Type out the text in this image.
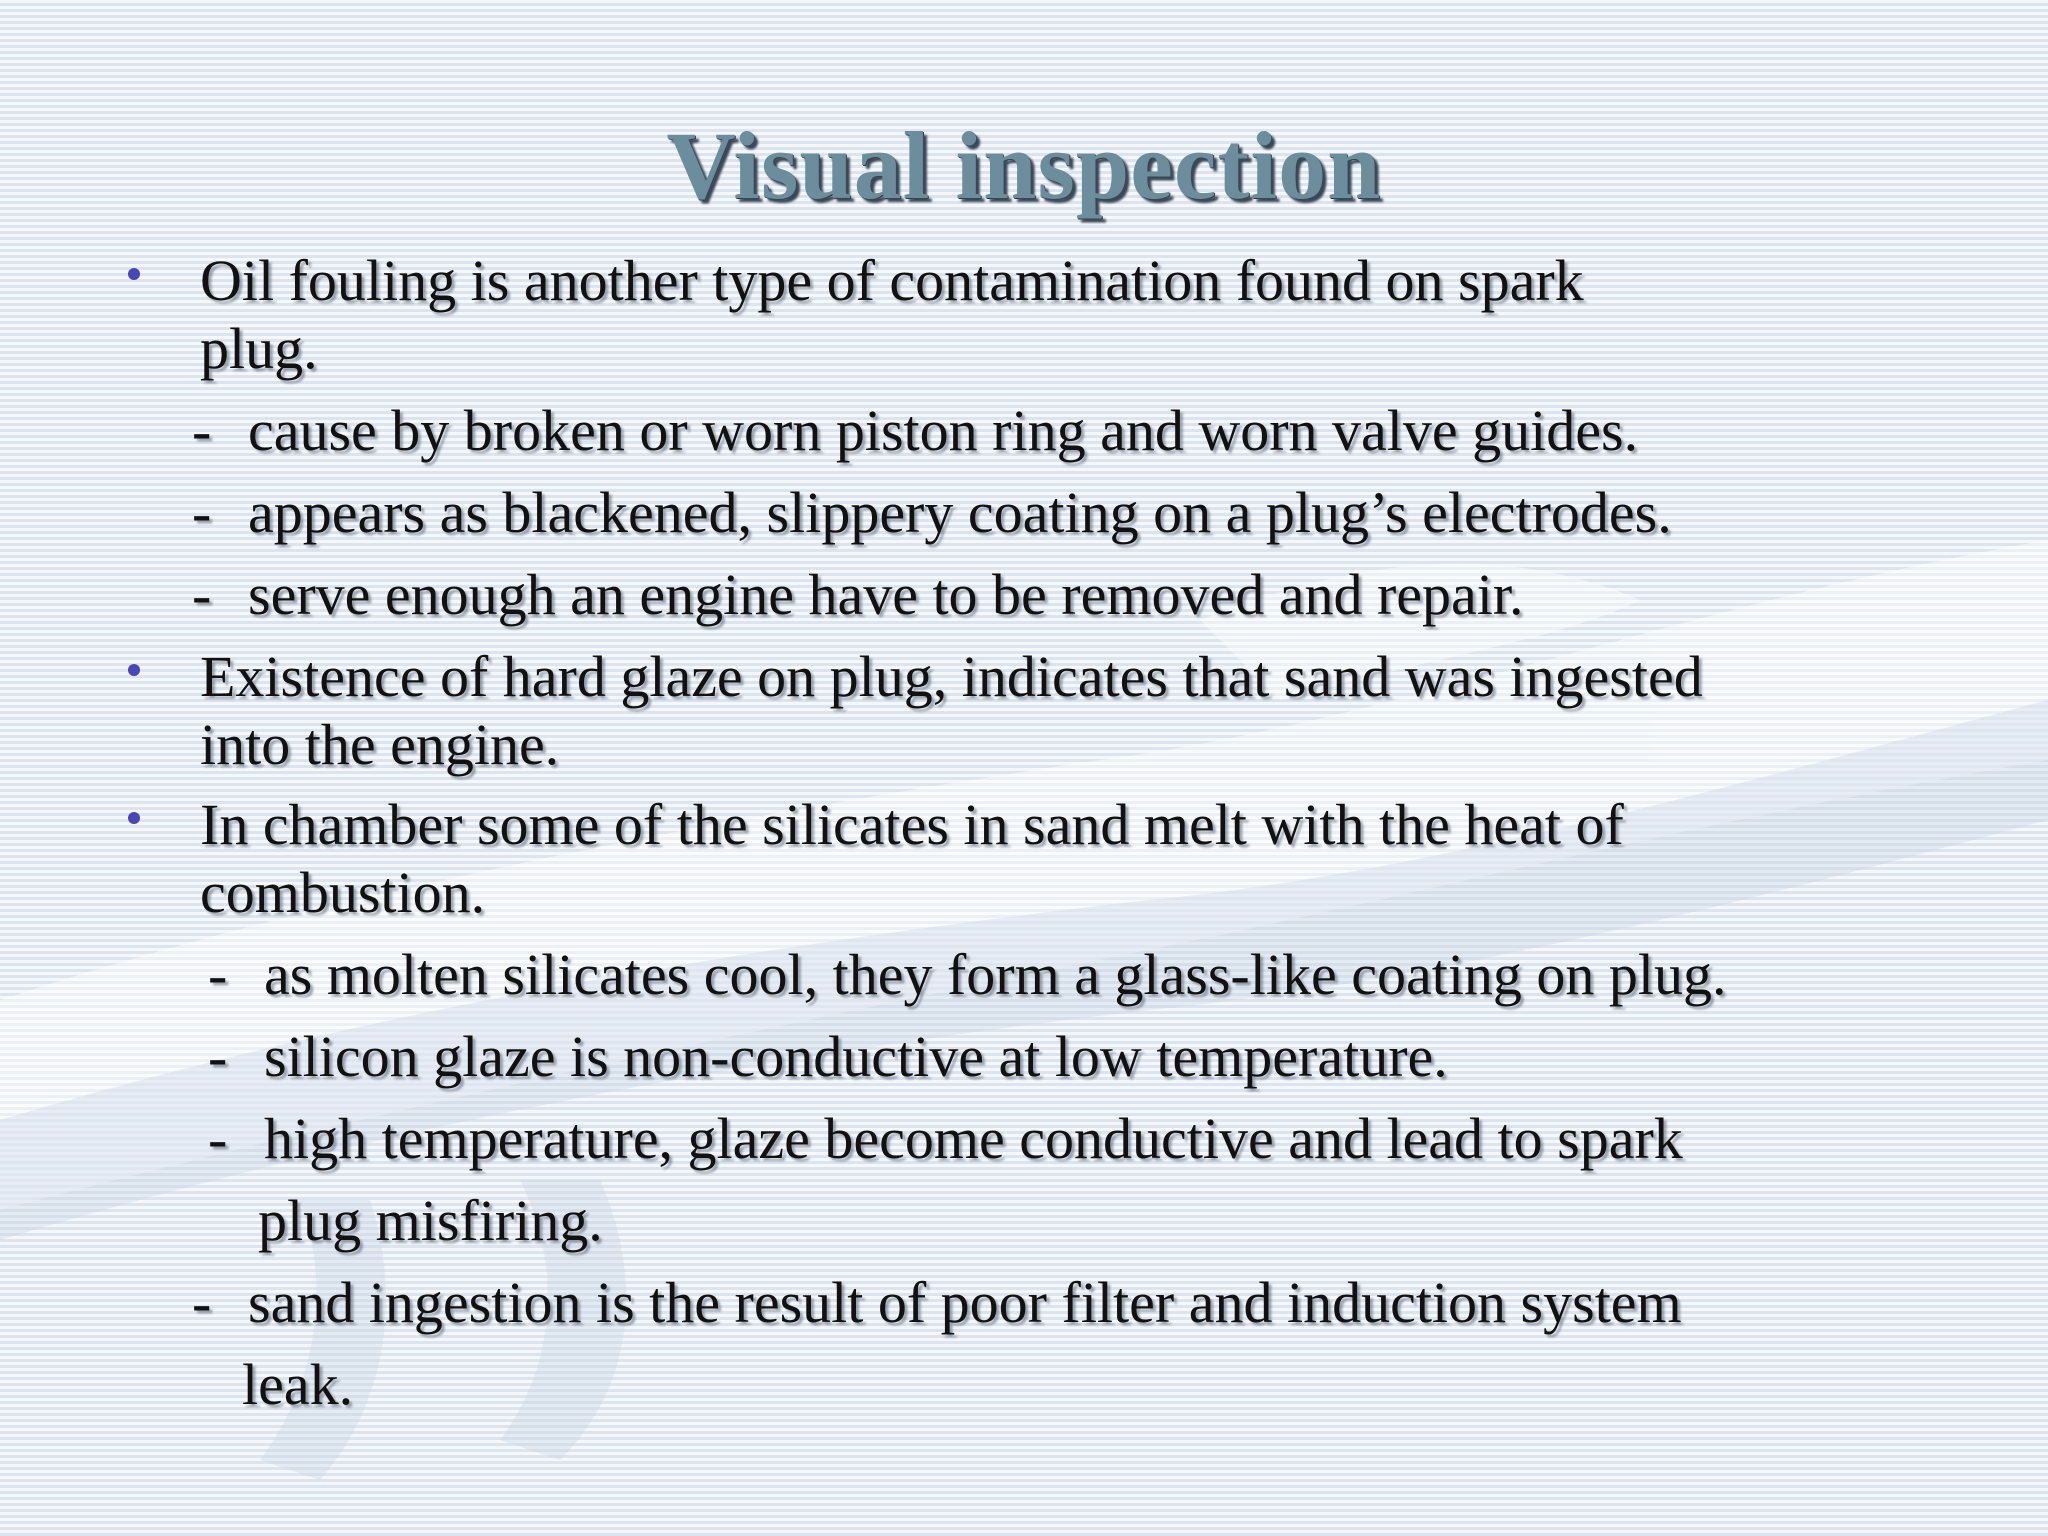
Visual inspection
Oil fouling is another type of contamination found on spark
plug.
- cause by broken or worn piston ring and worn valve guides.
- appears as blackened, slippery coating on a plug’s electrodes.
- serve enough an engine have to be removed and repair.
Existence of hard glaze on plug, indicates that sand was ingested
into the engine.
In chamber some of the silicates in sand melt with the heat of
combustion.
- as molten silicates cool, they form a glass-like coating on plug.
- silicon glaze is non-conductive at low temperature.
- high temperature, glaze become conductive and lead to spark
plug misfiring.
- sand ingestion is the result of poor filter and induction system
leak.
